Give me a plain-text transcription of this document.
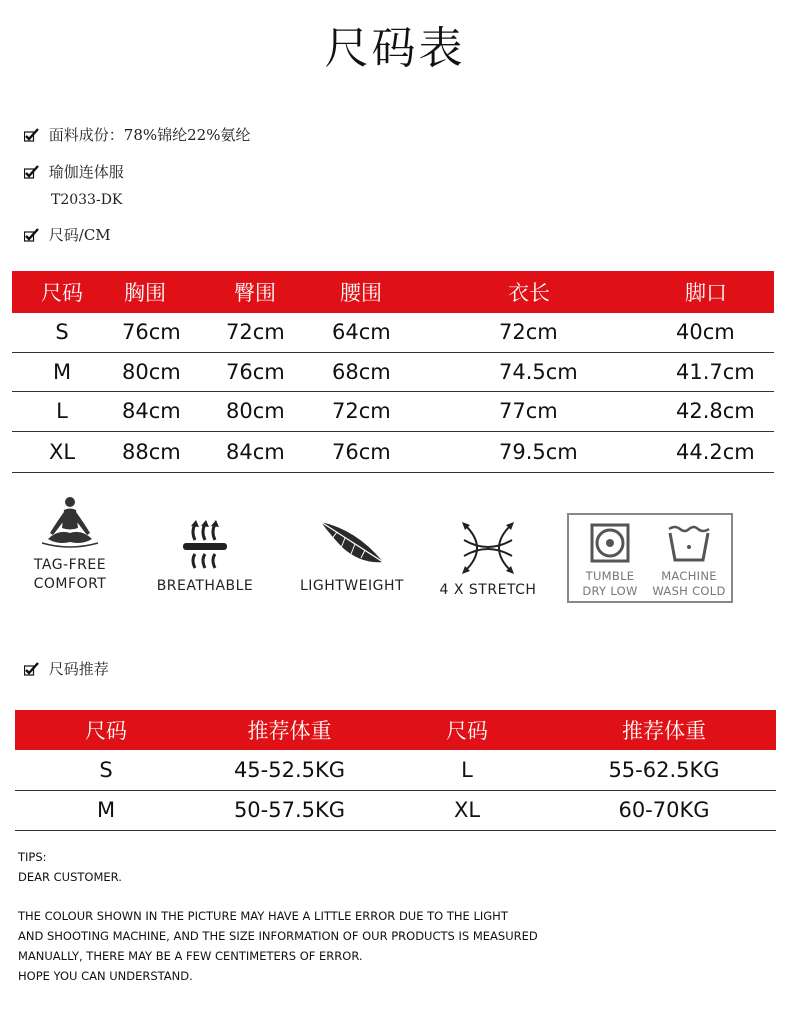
尺码表
面料成份：78%锦纶22%氨纶
瑜伽连体服
T2033-DK
尺码/CM
尺码	胸围	臀围	腰围	衣长	脚口
S	76cm	72cm	64cm	72cm	40cm
M	80cm	76cm	68cm	74.5cm	41.7cm
L	84cm	80cm	72cm	77cm	42.8cm
XL	88cm	84cm	76cm	79.5cm	44.2cm
TAG-FREE
COMFORT	BREATHABLE	LIGHTWEIGHT	4 X STRETCH
TUMBLE
DRY LOW
MACHINE
WASH COLD
尺码推荐
尺码	推荐体重	尺码	推荐体重
S	45-52.5KG	L	55-62.5KG
M	50-57.5KG	XL	60-70KG
TIPS:
DEAR CUSTOMER.
THE COLOUR SHOWN IN THE PICTURE MAY HAVE A LITTLE ERROR DUE TO THE LIGHT
AND SHOOTING MACHINE, AND THE SIZE INFORMATION OF OUR PRODUCTS IS MEASURED
MANUALLY, THERE MAY BE A FEW CENTIMETERS OF ERROR.
HOPE YOU CAN UNDERSTAND.
